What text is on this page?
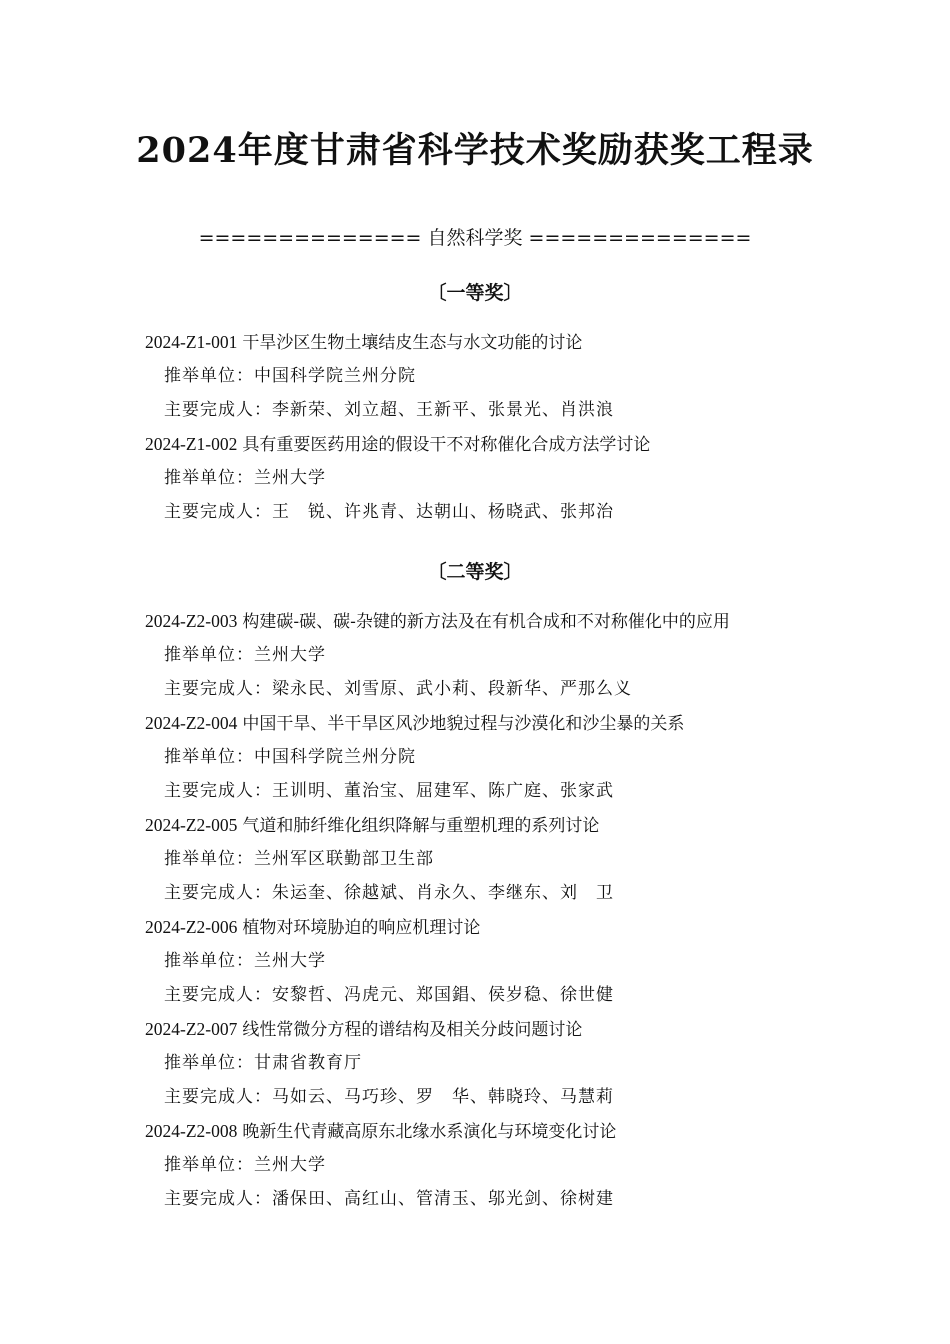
2024年度甘肃省科学技术奖励获奖工程录
============== 自然科学奖 ==============
〔一等奖〕
2024-Z1-001 干旱沙区生物土壤结皮生态与水文功能的讨论
推举单位：中国科学院兰州分院
主要完成人：李新荣、刘立超、王新平、张景光、肖洪浪
2024-Z1-002 具有重要医药用途的假设干不对称催化合成方法学讨论
推举单位：兰州大学
主要完成人：王　锐、许兆青、达朝山、杨晓武、张邦治
〔二等奖〕
2024-Z2-003 构建碳-碳、碳-杂键的新方法及在有机合成和不对称催化中的应用
推举单位：兰州大学
主要完成人：梁永民、刘雪原、武小莉、段新华、严那么义
2024-Z2-004 中国干旱、半干旱区风沙地貌过程与沙漠化和沙尘暴的关系
推举单位：中国科学院兰州分院
主要完成人：王训明、董治宝、屈建军、陈广庭、张家武
2024-Z2-005 气道和肺纤维化组织降解与重塑机理的系列讨论
推举单位：兰州军区联勤部卫生部
主要完成人：朱运奎、徐越斌、肖永久、李继东、刘　卫
2024-Z2-006 植物对环境胁迫的响应机理讨论
推举单位：兰州大学
主要完成人：安黎哲、冯虎元、郑国錩、侯岁稳、徐世健
2024-Z2-007 线性常微分方程的谱结构及相关分歧问题讨论
推举单位：甘肃省教育厅
主要完成人：马如云、马巧珍、罗　华、韩晓玲、马慧莉
2024-Z2-008 晚新生代青藏高原东北缘水系演化与环境变化讨论
推举单位：兰州大学
主要完成人：潘保田、高红山、管清玉、邬光剑、徐树建
